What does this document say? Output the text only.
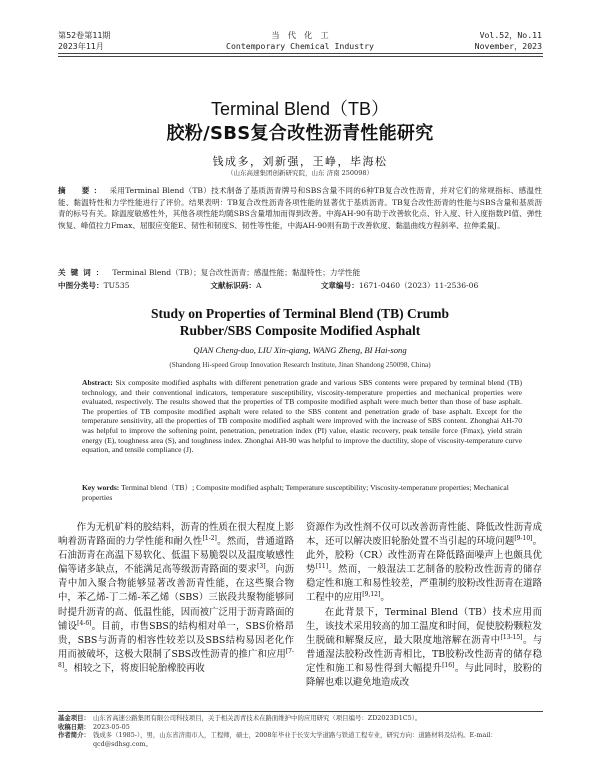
第52卷第11期
2023年11月
当　代　化　工
Contemporary Chemical Industry
Vol.52，No.11
November，2023
Terminal Blend（TB）
胶粉/SBS复合改性沥青性能研究
钱成多，刘新强，王峥，毕海松
（山东高速集团创新研究院，山东 济南 250098）
摘　要： 采用Terminal Blend（TB）技术制备了基质沥青牌号和SBS含量不同的6种TB复合改性沥青，并对它们的常规指标、感温性能、黏温特性和力学性能进行了评价。结果表明：TB复合改性沥青各项性能的显著优于基质沥青。TB复合改性沥青的性能与SBS含量和基质沥青的标号有关。除温度敏感性外，其他各项性能均随SBS含量增加而得到改善。中海AH-90有助于改善软化点、针入度、针入度指数PI值、弹性恢复、峰值拉力Fmax、屈服应变能E、韧性和韧度S、韧性等性能，中海AH-90则有助于改善软度、黏温曲线方程斜率、拉伸柔量J。
关键词： Terminal Blend（TB）；复合改性沥青；感温性能；黏温特性；力学性能
中图分类号：TU535	文献标识码：A	文章编号：1671-0460（2023）11-2536-06
Study on Properties of Terminal Blend (TB) Crumb
Rubber/SBS Composite Modified Asphalt
QIAN Cheng-duo, LIU Xin-qiang, WANG Zheng, BI Hai-song
(Shandong Hi-speed Group Innovation Research Institute, Jinan Shandong 250098, China)
Abstract: Six composite modified asphalts with different penetration grade and various SBS contents were prepared by terminal blend (TB) technology, and their conventional indicators, temperature susceptibility, viscosity-temperature properties and mechanical properties were evaluated, respectively. The results showed that the properties of TB composite modified asphalt were much better than those of base asphalt. The properties of TB composite modified asphalt were related to the SBS content and penetration grade of base asphalt. Except for the temperature sensitivity, all the properties of TB composite modified asphalt were improved with the increase of SBS content. Zhonghai AH-70 was helpful to improve the softening point, penetration, penetration index (PI) value, elastic recovery, peak tensile force (Fmax), yield strain energy (E), toughness area (S), and toughness index. Zhonghai AH-90 was helpful to improve the ductility, slope of viscosity-temperature curve equation, and tensile compliance (J).
Key words: Terminal blend（TB）; Composite modified asphalt; Temperature susceptibility; Viscosity-temperature properties; Mechanical properties

作为无机矿料的胶结料，沥青的性质在很大程度上影响着沥青路面的力学性能和耐久性[1-2]。然而，普通道路石油沥青在高温下易软化、低温下易脆裂以及温度敏感性偏等诸多缺点，不能满足高等级沥青路面的要求[3]。向沥青中加入聚合物能够显著改善沥青性能，在这些聚合物中，苯乙烯-丁二烯-苯乙烯（SBS）三嵌段共聚物能够同时提升沥青的高、低温性能，因而被广泛用于沥青路面的铺设[4-6]。目前，市售SBS的结构相对单一，SBS价格昂贵，SBS与沥青的相容性较差以及SBS结构易因老化作用而被破坏，这极大限制了SBS改性沥青的推广和应用[7-8]。相较之下，将废旧轮胎橡胶再收

资源作为改性剂不仅可以改善沥青性能、降低改性沥青成本，还可以解决废旧轮胎处置不当引起的环境问题[9-10]。此外，胶粉（CR）改性沥青在降低路面噪声上也颇具优势[11]。然而，一般湿法工艺制备的胶粉改性沥青的储存稳定性和施工和易性较差，严重制约胶粉改性沥青在道路工程中的应用[9,12]。

在此背景下，Terminal Blend（TB）技术应用而生，该技术采用较高的加工温度和时间，促使胶粉颗粒发生脱硫和解聚反应，最大限度地溶解在沥青中[13-15]。与普通湿法胶粉改性沥青相比，TB胶粉改性沥青的储存稳定性和施工和易性得到大幅提升[16]。与此同时，胶粉的降解也难以避免地造成改

基金项目： 山东省高速公路集团有限公司科技项目，关于相关沥青技术在路面维护中的应用研究（项目编号：ZD2023D1C5）。
收稿日期： 2023-05-05
作者简介： 钱成多（1985-），男，山东省济南市人，工程师，硕士，2008年毕业于长安大学道路与铁道工程专业，研究方向：道路材料及结构。E-mail：qcd@sdhsg.com。
